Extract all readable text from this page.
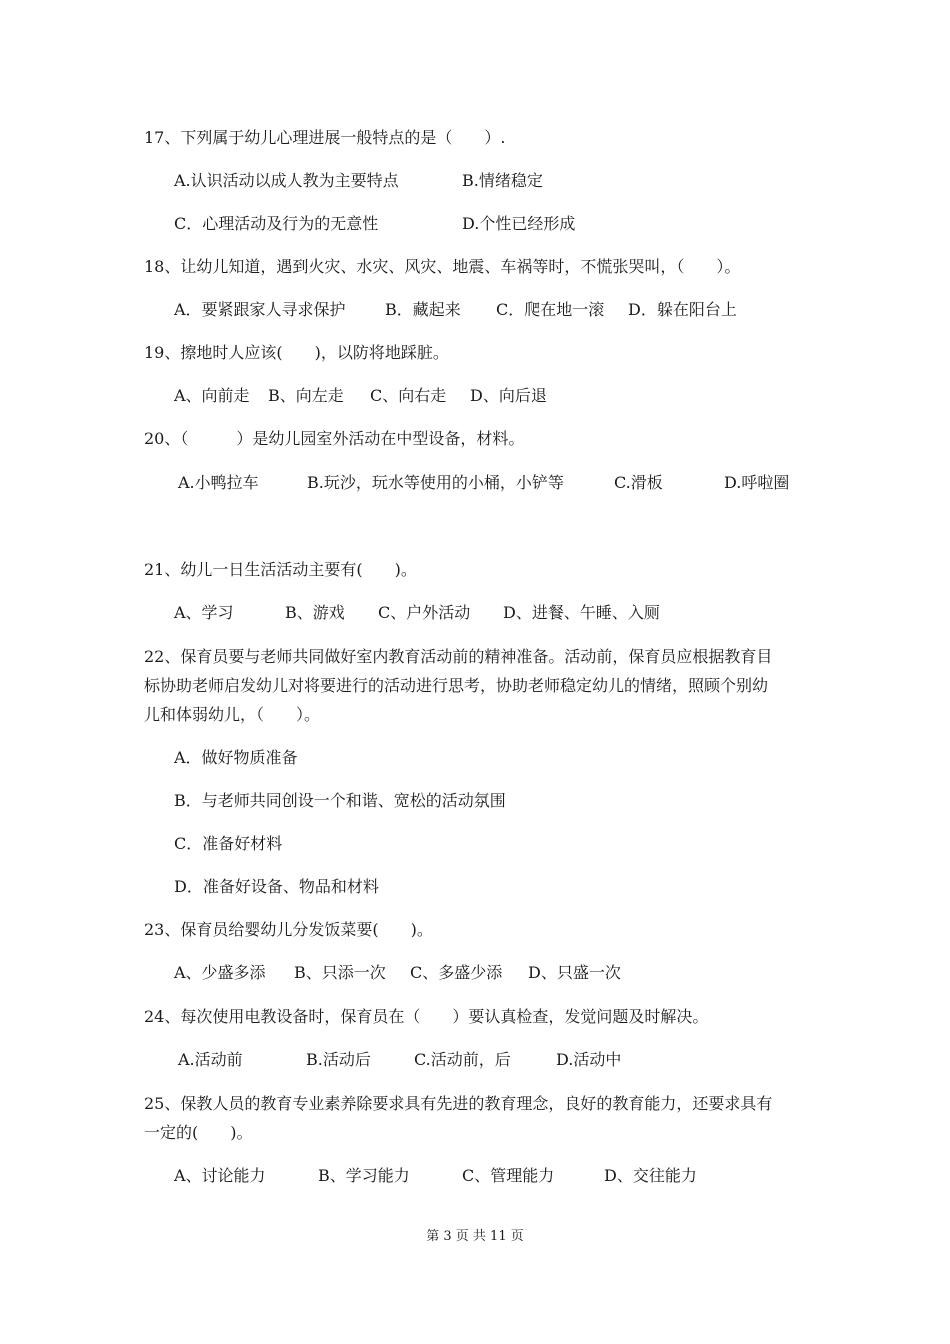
17、下列属于幼儿心理进展一般特点的是（　　）.

A.认识活动以成人教为主要特点

	B.情绪稳定

C．心理活动及行为的无意性

	D.个性已经形成

18、让幼儿知道，遇到火灾、水灾、风灾、地震、车祸等时，不慌张哭叫，（　　）。

A．要紧跟家人寻求保护

B．藏起来

C．爬在地一滚

D．躲在阳台上

19、擦地时人应该(　　)，以防将地踩脏。

A、向前走

B、向左走

C、向右走

D、向后退

20、（　　　）是幼儿园室外活动在中型设备，材料。

A.小鸭拉车

	B.玩沙，玩水等使用的小桶，小铲等

	C.滑板

	D.呼啦圈

21、幼儿一日生活活动主要有(　　)。

A、学习

	B、游戏

C、户外活动

D、进餐、午睡、入厕

22、保育员要与老师共同做好室内教育活动前的精神准备。活动前，保育员应根据教育目
标协助老师启发幼儿对将要进行的活动进行思考，协助老师稳定幼儿的情绪，照顾个别幼
儿和体弱幼儿，（　　）。
A．做好物质准备
B．与老师共同创设一个和谐、宽松的活动氛围
C．准备好材料
D．准备好设备、物品和材料
23、保育员给婴幼儿分发饭菜要(　　)。

A、少盛多添

B、只添一次

C、多盛少添

D、只盛一次

24、每次使用电教设备时，保育员在（　　）要认真检查，发觉问题及时解决。

A.活动前

	B.活动后

	C.活动前，后

	D.活动中

25、保教人员的教育专业素养除要求具有先进的教育理念，良好的教育能力，还要求具有
一定的(　　)。

A、讨论能力

	B、学习能力

	C、管理能力

	D、交往能力

第 3 页 共 11 页
